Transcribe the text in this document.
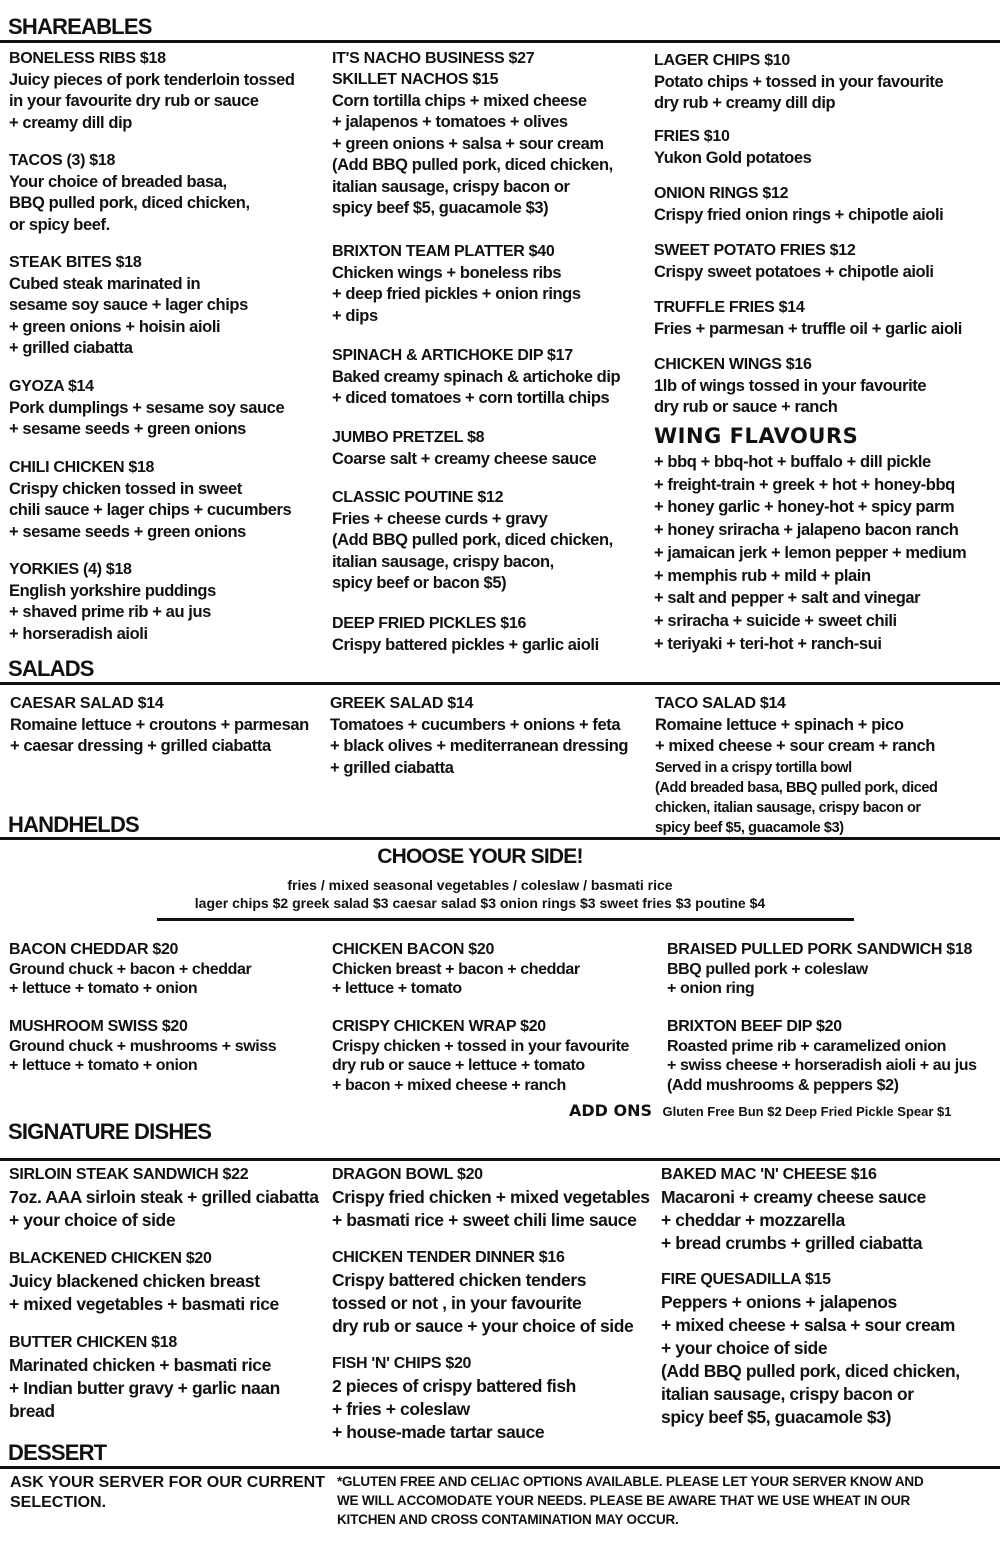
SHAREABLES
SALADS
HANDHELDS
SIGNATURE DISHES
DESSERT
BONELESS RIBS $18
Juicy pieces of pork tenderloin tossed
in your favourite dry rub or sauce
+ creamy dill dip
TACOS (3) $18
Your choice of breaded basa,
BBQ pulled pork, diced chicken,
or spicy beef.
STEAK BITES $18
Cubed steak marinated in
sesame soy sauce + lager chips
+ green onions + hoisin aioli
+ grilled ciabatta
GYOZA $14
Pork dumplings + sesame soy sauce
+ sesame seeds + green onions
CHILI CHICKEN $18
Crispy chicken tossed in sweet
chili sauce + lager chips + cucumbers
+ sesame seeds + green onions
YORKIES (4) $18
English yorkshire puddings
+ shaved prime rib + au jus
+ horseradish aioli
IT'S NACHO BUSINESS $27
SKILLET NACHOS $15
Corn tortilla chips + mixed cheese
+ jalapenos + tomatoes + olives
+ green onions + salsa + sour cream
(Add BBQ pulled pork, diced chicken,
italian sausage, crispy bacon or
spicy beef $5, guacamole $3)
BRIXTON TEAM PLATTER $40
Chicken wings + boneless ribs
+ deep fried pickles + onion rings
+ dips
SPINACH & ARTICHOKE DIP $17
Baked creamy spinach & artichoke dip
+ diced tomatoes + corn tortilla chips
JUMBO PRETZEL $8
Coarse salt + creamy cheese sauce
CLASSIC POUTINE $12
Fries + cheese curds + gravy
(Add BBQ pulled pork, diced chicken,
italian sausage, crispy bacon,
spicy beef or bacon $5)
DEEP FRIED PICKLES $16
Crispy battered pickles + garlic aioli
LAGER CHIPS $10
Potato chips + tossed in your favourite
dry rub + creamy dill dip
FRIES $10
Yukon Gold potatoes
ONION RINGS $12
Crispy fried onion rings + chipotle aioli
SWEET POTATO FRIES $12
Crispy sweet potatoes + chipotle aioli
TRUFFLE FRIES $14
Fries + parmesan + truffle oil + garlic aioli
CHICKEN WINGS $16
1lb of wings tossed in your favourite
dry rub or sauce + ranch
WING FLAVOURS
+ bbq + bbq-hot + buffalo + dill pickle
+ freight-train + greek + hot + honey-bbq
+ honey garlic + honey-hot + spicy parm
+ honey sriracha + jalapeno bacon ranch
+ jamaican jerk + lemon pepper + medium
+ memphis rub + mild + plain
+ salt and pepper + salt and vinegar
+ sriracha + suicide + sweet chili
+ teriyaki + teri-hot + ranch-sui
CAESAR SALAD $14
Romaine lettuce + croutons + parmesan
+ caesar dressing + grilled ciabatta
GREEK SALAD $14
Tomatoes + cucumbers + onions + feta
+ black olives + mediterranean dressing
+ grilled ciabatta
TACO SALAD $14
Romaine lettuce + spinach + pico
+ mixed cheese + sour cream + ranch
Served in a crispy tortilla bowl
(Add breaded basa, BBQ pulled pork, diced
chicken, italian sausage, crispy bacon or
spicy beef $5, guacamole $3)
CHOOSE YOUR SIDE!
fries / mixed seasonal vegetables / coleslaw / basmati rice
lager chips $2 greek salad $3 caesar salad $3 onion rings $3 sweet fries $3 poutine $4
BACON CHEDDAR $20
Ground chuck + bacon + cheddar
+ lettuce + tomato + onion
MUSHROOM SWISS $20
Ground chuck + mushrooms + swiss
+ lettuce + tomato + onion
CHICKEN BACON $20
Chicken breast + bacon + cheddar
+ lettuce + tomato
CRISPY CHICKEN WRAP $20
Crispy chicken + tossed in your favourite
dry rub or sauce + lettuce + tomato
+ bacon + mixed cheese + ranch
BRAISED PULLED PORK SANDWICH $18
BBQ pulled pork + coleslaw
+ onion ring
BRIXTON BEEF DIP $20
Roasted prime rib + caramelized onion
+ swiss cheese + horseradish aioli + au jus
(Add mushrooms & peppers $2)
ADD ONS Gluten Free Bun $2 Deep Fried Pickle Spear $1
SIRLOIN STEAK SANDWICH $22
7oz. AAA sirloin steak + grilled ciabatta
+ your choice of side
BLACKENED CHICKEN $20
Juicy blackened chicken breast
+ mixed vegetables + basmati rice
BUTTER CHICKEN $18
Marinated chicken + basmati rice
+ Indian butter gravy + garlic naan
bread
DRAGON BOWL $20
Crispy fried chicken + mixed vegetables
+ basmati rice + sweet chili lime sauce
CHICKEN TENDER DINNER $16
Crispy battered chicken tenders
tossed or not , in your favourite
dry rub or sauce + your choice of side
FISH 'N' CHIPS $20
2 pieces of crispy battered fish
+ fries + coleslaw
+ house-made tartar sauce
BAKED MAC 'N' CHEESE $16
Macaroni + creamy cheese sauce
+ cheddar + mozzarella
+ bread crumbs + grilled ciabatta
FIRE QUESADILLA $15
Peppers + onions + jalapenos
+ mixed cheese + salsa + sour cream
+ your choice of side
(Add BBQ pulled pork, diced chicken,
italian sausage, crispy bacon or
spicy beef $5, guacamole $3)
ASK YOUR SERVER FOR OUR CURRENT
SELECTION.
*GLUTEN FREE AND CELIAC OPTIONS AVAILABLE. PLEASE LET YOUR SERVER KNOW AND
WE WILL ACCOMODATE YOUR NEEDS. PLEASE BE AWARE THAT WE USE WHEAT IN OUR
KITCHEN AND CROSS CONTAMINATION MAY OCCUR.
